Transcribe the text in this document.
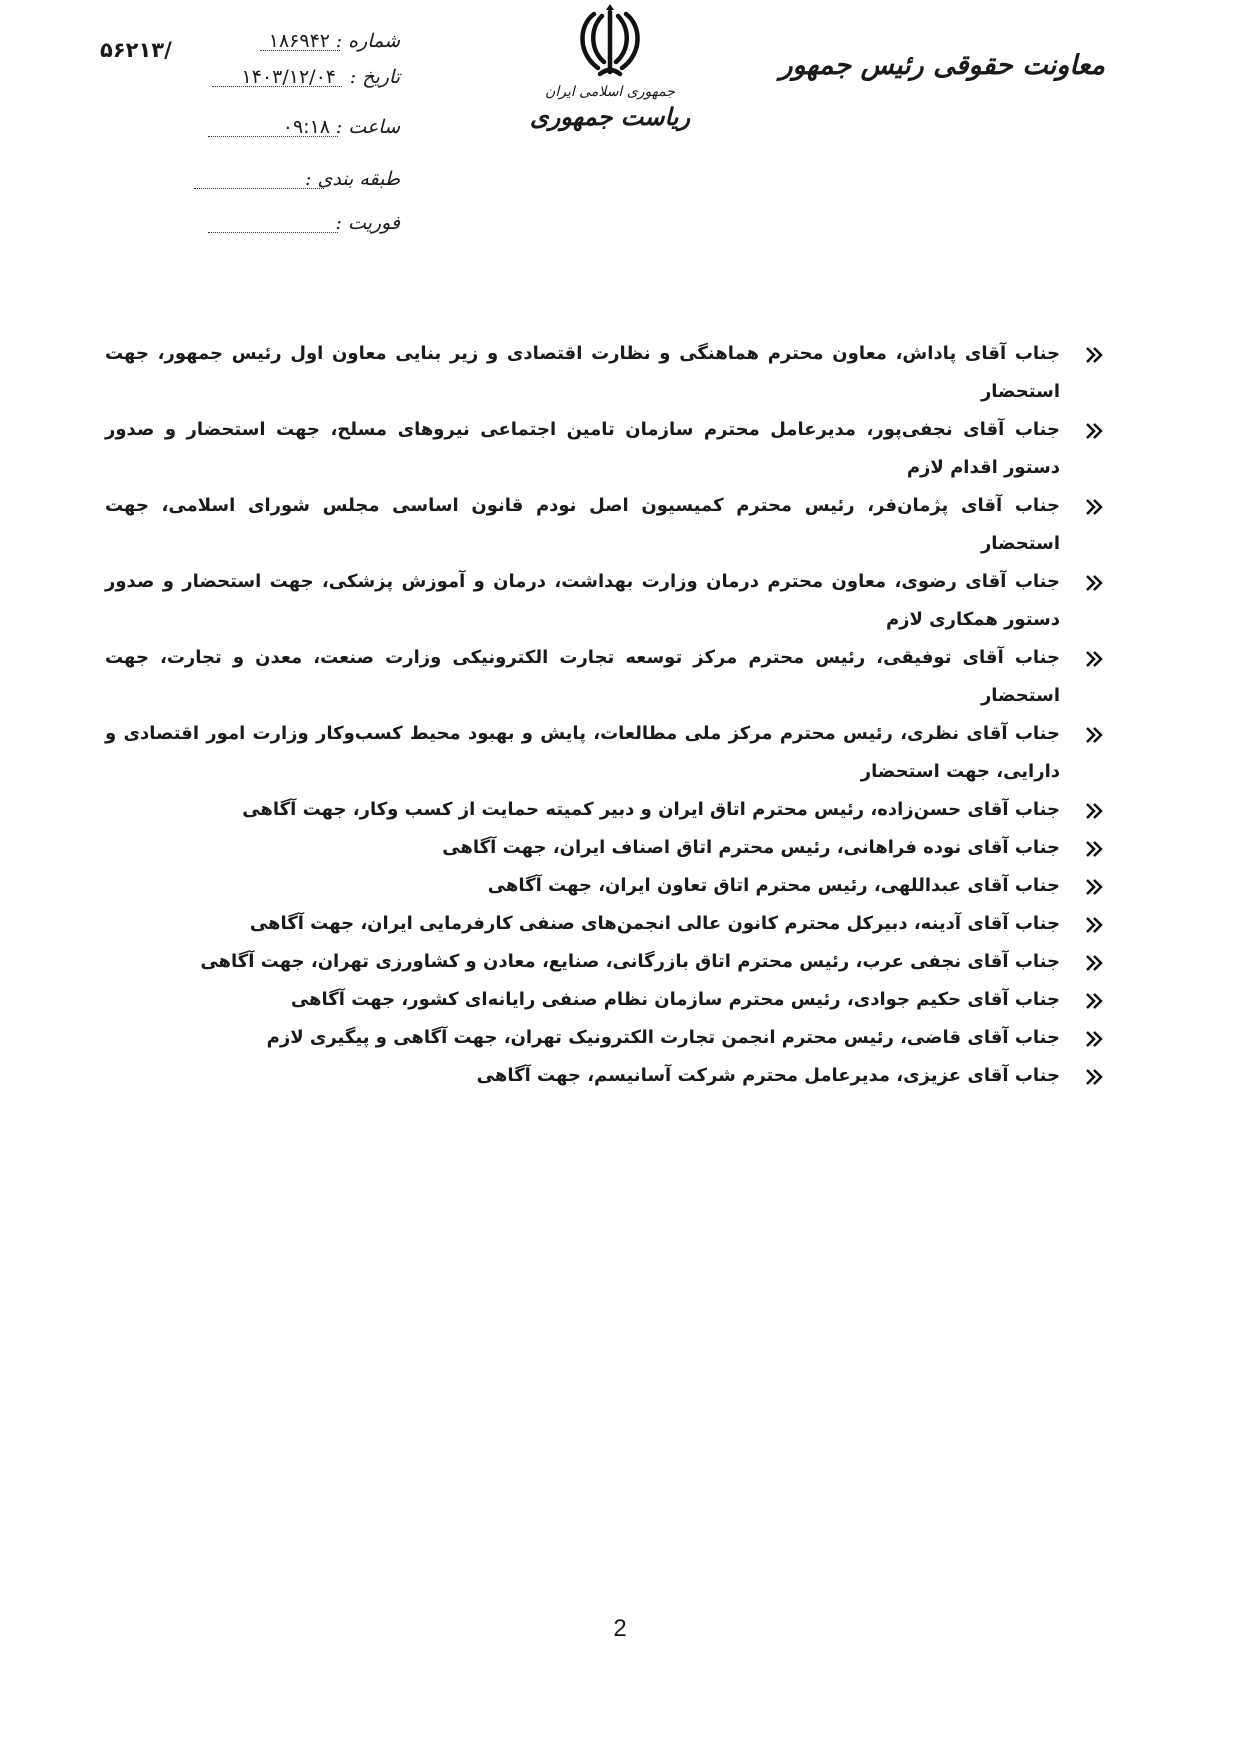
معاونت حقوقی رئیس جمهور
جمهوری اسلامی ایران
ریاست جمهوری
شماره :
۱۸۶۹۴۲
۵۶۲۱۳/
تاریخ :
۱۴۰۳/۱۲/۰۴
ساعت :
۰۹:۱۸
طبقه بندی :
فوریت :
جناب آقای پاداش، معاون محترم هماهنگی و نظارت اقتصادی و زیر بنایی معاون اول رئیس جمهور، جهت استحضار
جناب آقای نجفی‌پور، مدیرعامل محترم سازمان تامین اجتماعی نیروهای مسلح، جهت استحضار و صدور دستور اقدام لازم
جناب آقای پژمان‌فر، رئیس محترم کمیسیون اصل نودم قانون اساسی مجلس شورای اسلامی، جهت استحضار
جناب آقای رضوی، معاون محترم درمان وزارت بهداشت، درمان و آموزش پزشکی، جهت استحضار و صدور دستور همکاری لازم
جناب آقای توفیقی، رئیس محترم مرکز توسعه تجارت الکترونیکی وزارت صنعت، معدن و تجارت، جهت استحضار
جناب آقای نظری، رئیس محترم مرکز ملی مطالعات، پایش و بهبود محیط کسب‌وکار وزارت امور اقتصادی و دارایی، جهت استحضار
جناب آقای حسن‌زاده، رئیس محترم اتاق ایران و دبیر کمیته حمایت از کسب وکار، جهت آگاهی
جناب آقای نوده فراهانی، رئیس محترم اتاق اصناف ایران، جهت آگاهی
جناب آقای عبداللهی، رئیس محترم اتاق تعاون ایران، جهت آگاهی
جناب آقای آدینه، دبیرکل محترم کانون عالی انجمن‌های صنفی کارفرمایی ایران، جهت آگاهی
جناب آقای نجفی عرب، رئیس محترم اتاق بازرگانی، صنایع، معادن و کشاورزی تهران، جهت آگاهی
جناب آقای حکیم جوادی، رئیس محترم سازمان نظام صنفی رایانه‌ای کشور، جهت آگاهی
جناب آقای قاضی، رئیس محترم انجمن تجارت الکترونیک تهران، جهت آگاهی و پیگیری لازم
جناب آقای عزیزی، مدیرعامل محترم شرکت آسانیسم، جهت آگاهی
2
